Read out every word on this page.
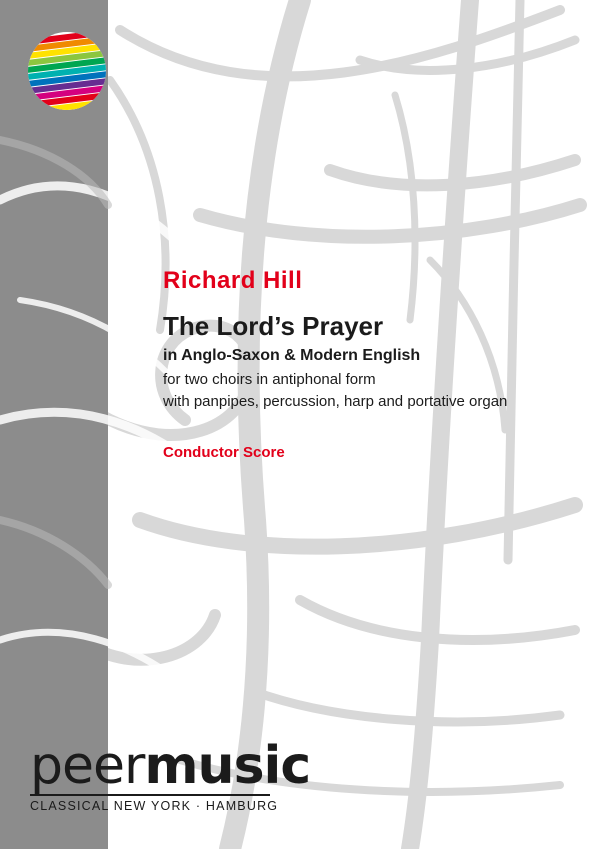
Richard Hill
The Lord’s Prayer
in Anglo-Saxon & Modern English
for two choirs in antiphonal form
with panpipes, percussion, harp and portative organ
Conductor Score
peermusic
CLASSICAL NEW YORK · HAMBURG
